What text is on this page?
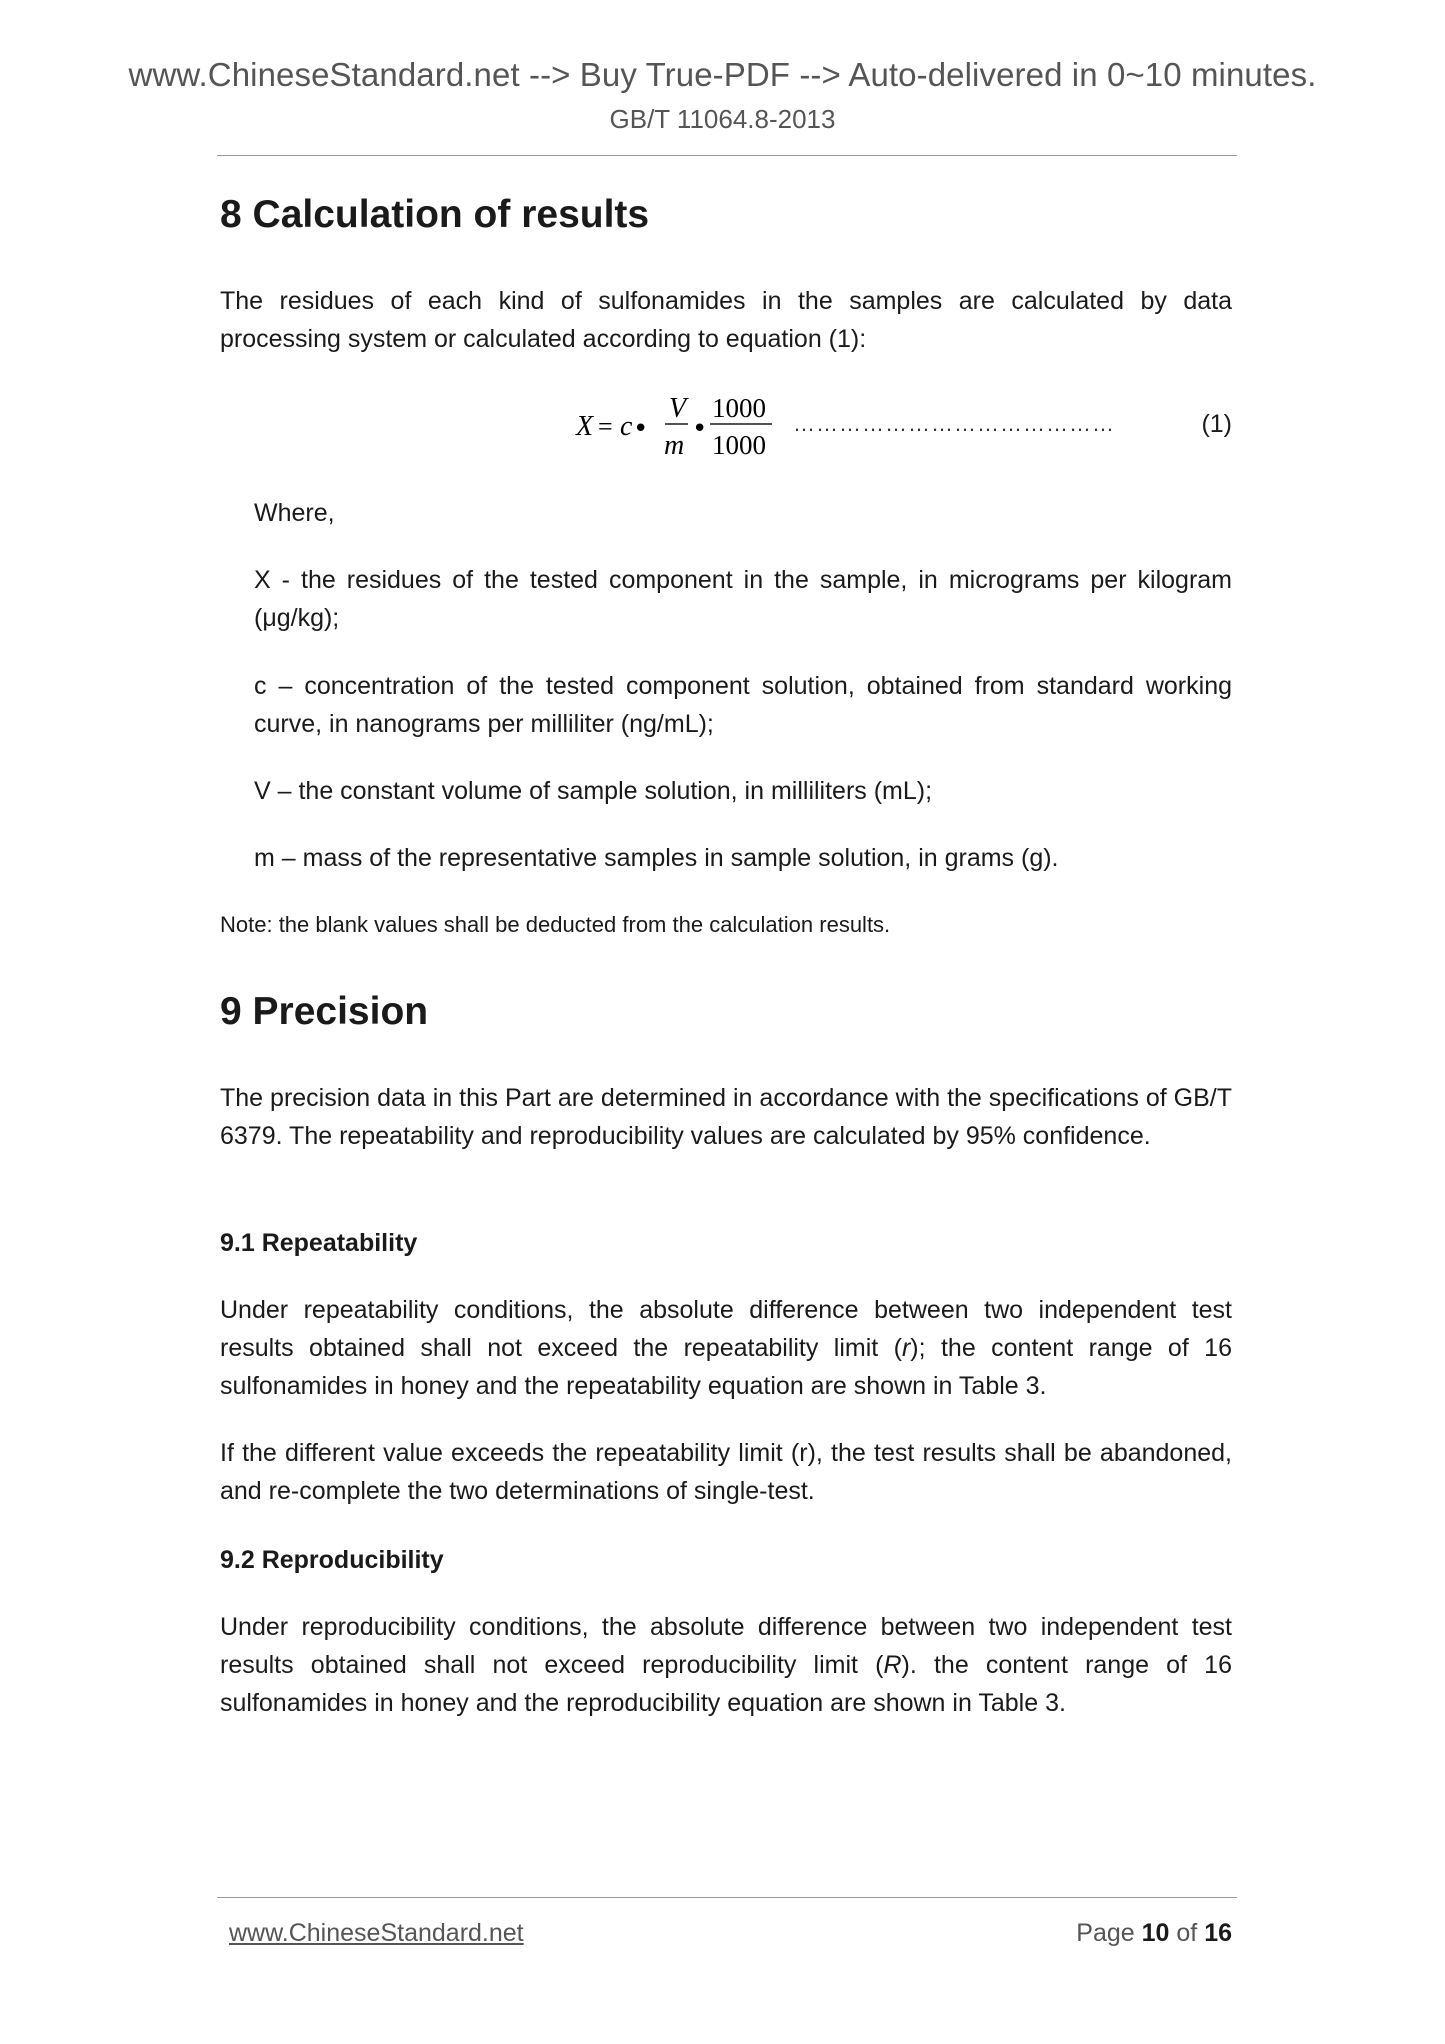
www.ChineseStandard.net --> Buy True-PDF --> Auto-delivered in 0~10 minutes.
GB/T 11064.8-2013
8 Calculation of results

The residues of each kind of sulfonamides in the samples are calculated by data processing system or calculated according to equation (1):

Where,

X - the residues of the tested component in the sample, in micrograms per kilogram (μg/kg);

c – concentration of the tested component solution, obtained from standard working curve, in nanograms per milliliter (ng/mL);

V – the constant volume of sample solution, in milliliters (mL);

m – mass of the representative samples in sample solution, in grams (g).

Note: the blank values shall be deducted from the calculation results.

9 Precision

The precision data in this Part are determined in accordance with the specifications of GB/T 6379. The repeatability and reproducibility values are calculated by 95% confidence.

9.1 Repeatability

Under repeatability conditions, the absolute difference between two independent test results obtained shall not exceed the repeatability limit (r); the content range of 16 sulfonamides in honey and the repeatability equation are shown in Table 3.

If the different value exceeds the repeatability limit (r), the test results shall be abandoned, and re-complete the two determinations of single-test.

9.2 Reproducibility

Under reproducibility conditions, the absolute difference between two independent test results obtained shall not exceed reproducibility limit (R). the content range of 16 sulfonamides in honey and the reproducibility equation are shown in Table 3.

X = c •
V
m
•
1000
1000
……………………………………	(1)
www.ChineseStandard.net	Page 10 of 16
